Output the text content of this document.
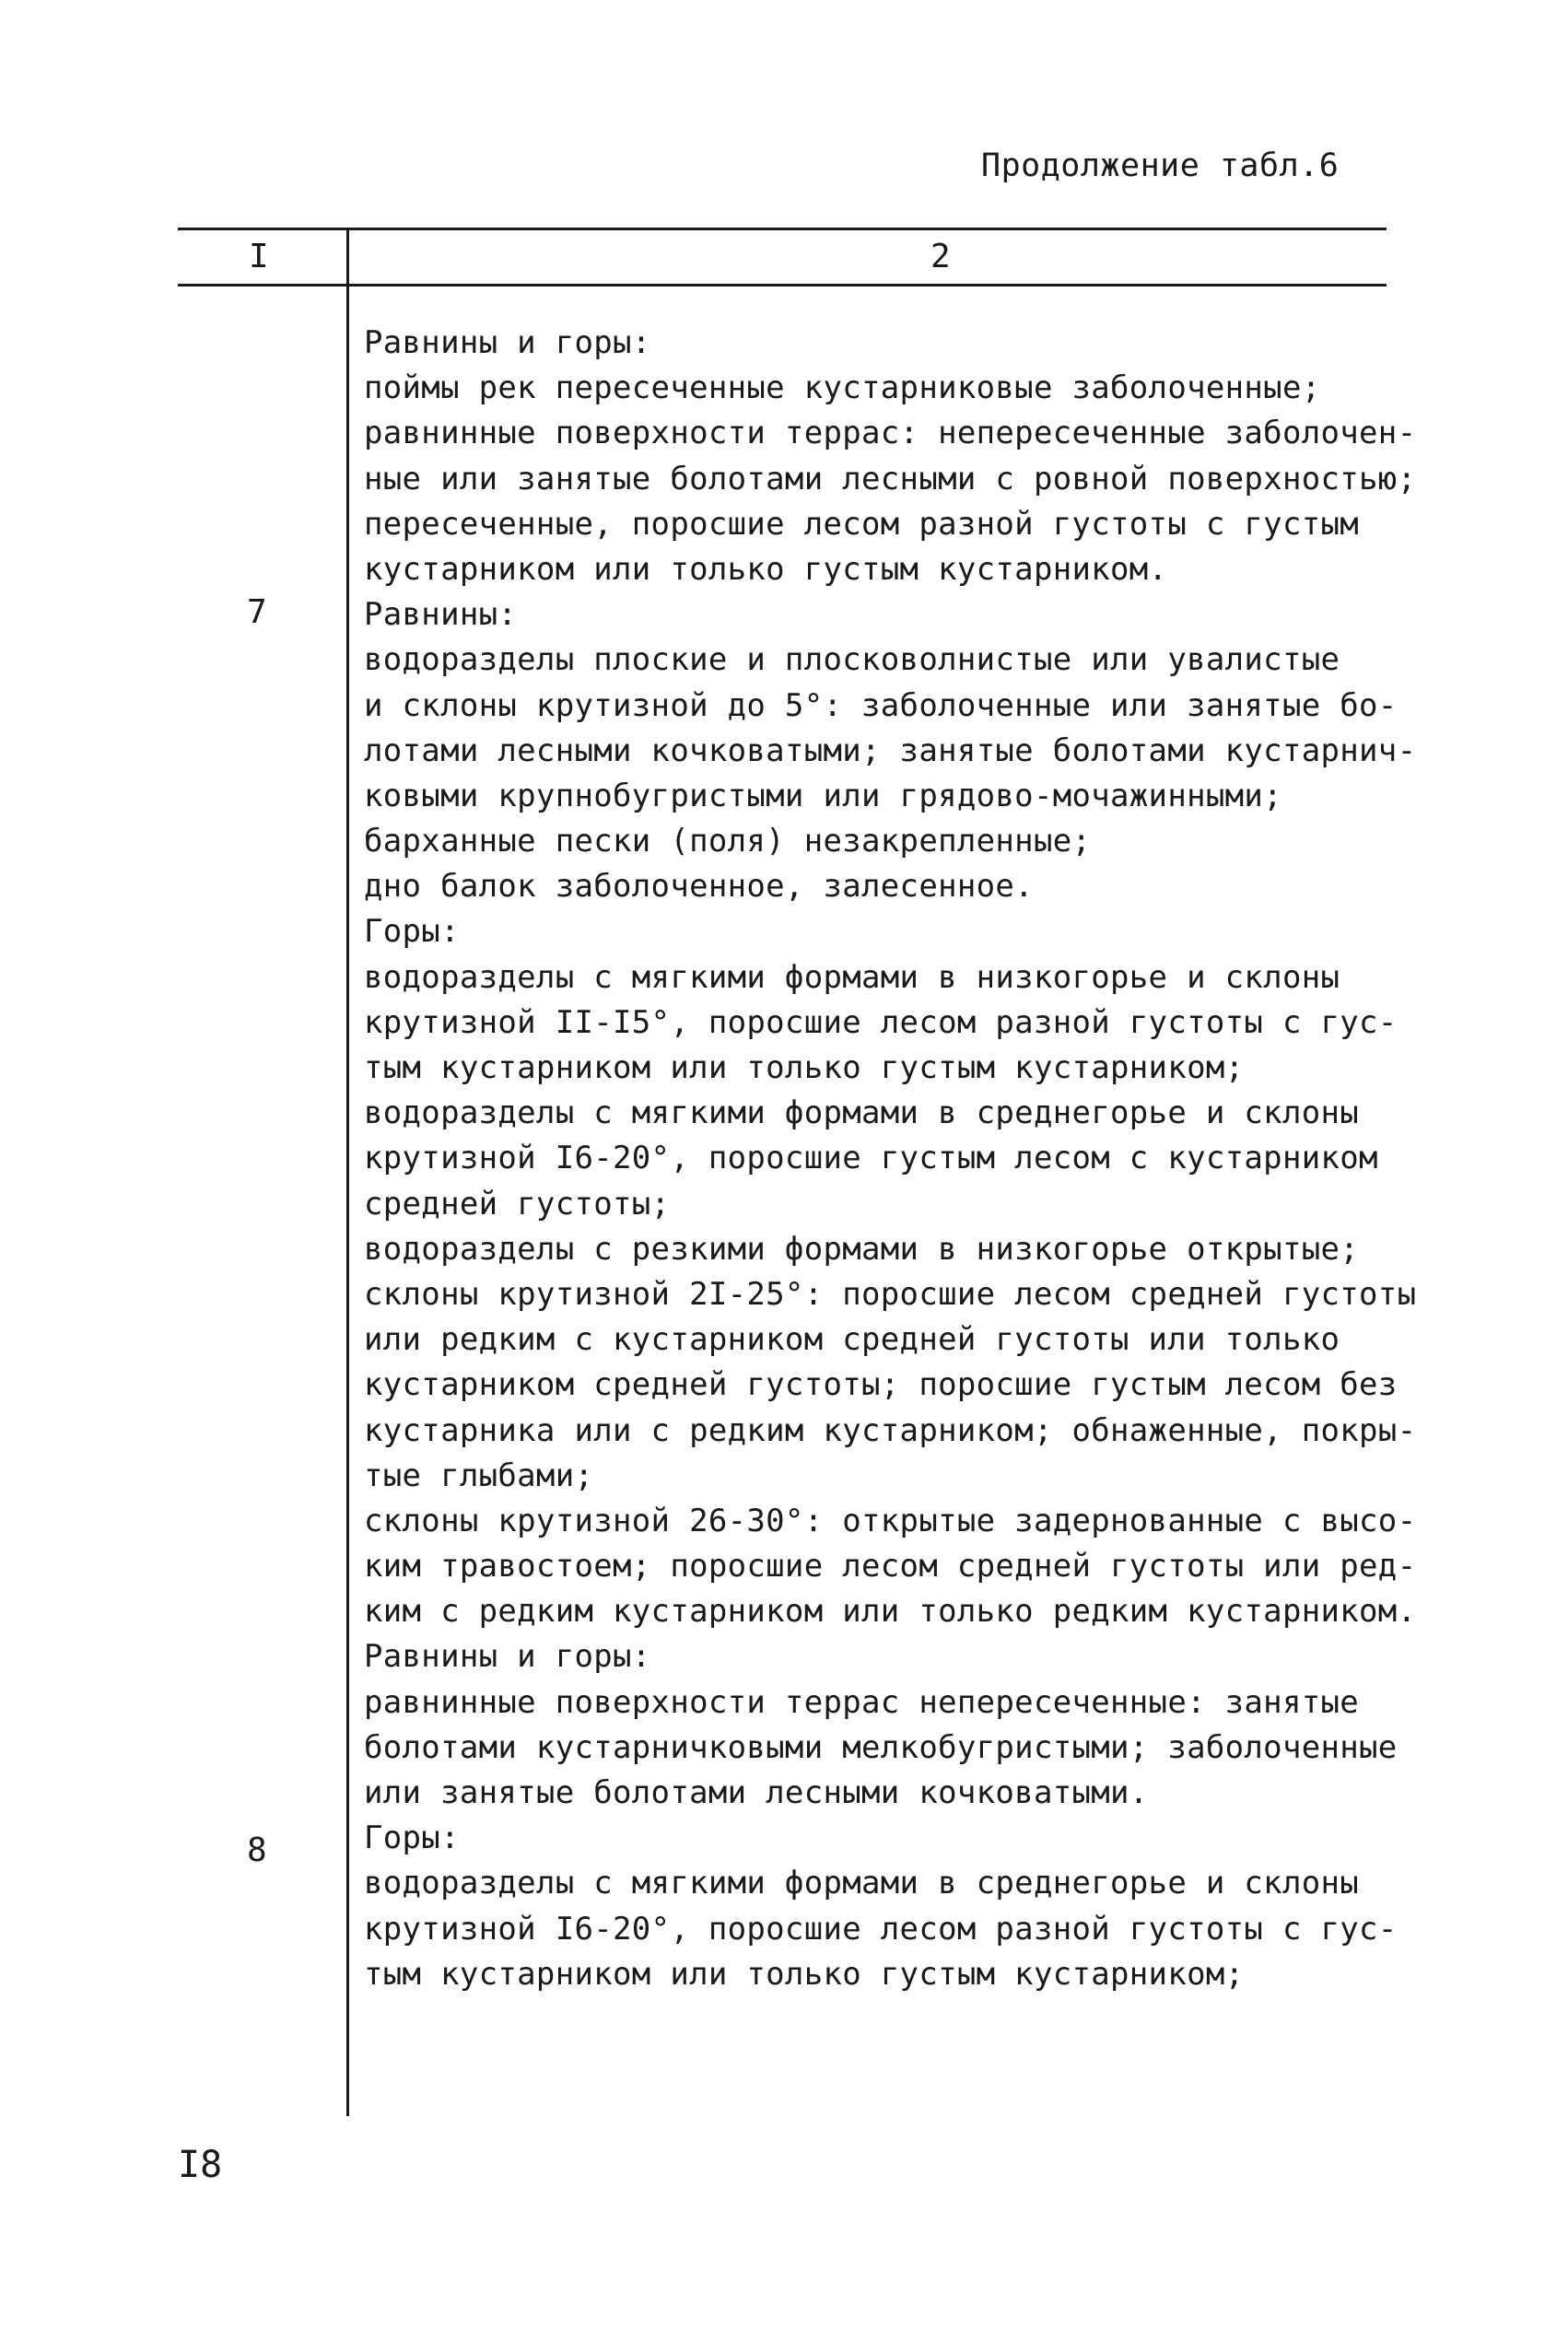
Продолжение табл.6
I	2
7
8
Равнины и горы:
поймы рек пересеченные кустарниковые заболоченные;
равнинные поверхности террас: непересеченные заболочен-
ные или занятые болотами лесными с ровной поверхностью;
пересеченные, поросшие лесом разной густоты с густым
кустарником или только густым кустарником.
Равнины:
водоразделы плоские и плосковолнистые или увалистые
и склоны крутизной до 5°: заболоченные или занятые бо-
лотами лесными кочковатыми; занятые болотами кустарнич-
ковыми крупнобугристыми или грядово-мочажинными;
барханные пески (поля) незакрепленные;
дно балок заболоченное, залесенное.
Горы:
водоразделы с мягкими формами в низкогорье и склоны
крутизной II-I5°, поросшие лесом разной густоты с гус-
тым кустарником или только густым кустарником;
водоразделы с мягкими формами в среднегорье и склоны
крутизной I6-20°, поросшие густым лесом с кустарником
средней густоты;
водоразделы с резкими формами в низкогорье открытые;
склоны крутизной 2I-25°: поросшие лесом средней густоты
или редким с кустарником средней густоты или только
кустарником средней густоты; поросшие густым лесом без
кустарника или с редким кустарником; обнаженные, покры-
тые глыбами;
склоны крутизной 26-30°: открытые задернованные с высо-
ким травостоем; поросшие лесом средней густоты или ред-
ким с редким кустарником или только редким кустарником.
Равнины и горы:
равнинные поверхности террас непересеченные: занятые
болотами кустарничковыми мелкобугристыми; заболоченные
или занятые болотами лесными кочковатыми.
Горы:
водоразделы с мягкими формами в среднегорье и склоны
крутизной I6-20°, поросшие лесом разной густоты с гус-
тым кустарником или только густым кустарником;
I8
